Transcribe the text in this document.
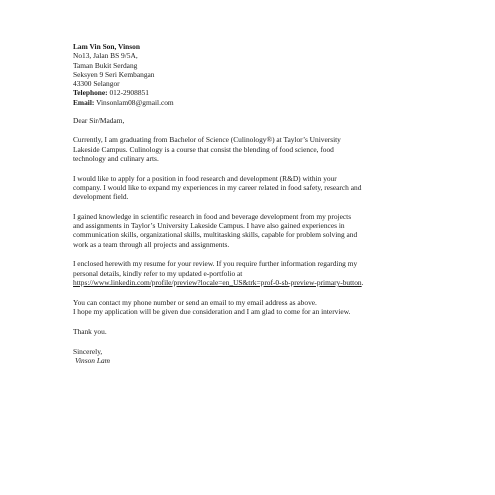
Lam Vin Son, Vinson
No13, Jalan BS 9/5A,
Taman Bukit Serdang
Seksyen 9 Seri Kembangan
43300 Selangor
Telephone: 012-2908851
Email: Vinsonlam08@gmail.com
Dear Sir/Madam,

Currently, I am graduating from Bachelor of Science (Culinology®) at Taylor’s University

Lakeside Campus. Culinology is a course that consist the blending of food science, food

technology and culinary arts.

I would like to apply for a position in food research and development (R&D) within your

company. I would like to expand my experiences in my career related in food safety, research and

development field.

I gained knowledge in scientific research in food and beverage development from my projects

and assignments in Taylor’s University Lakeside Campus. I have also gained experiences in

communication skills, organizational skills, multitasking skills, capable for problem solving and

work as a team through all projects and assignments.

I enclosed herewith my resume for your review. If you require further information regarding my

personal details, kindly refer to my updated e-portfolio at

https://www.linkedin.com/profile/preview?locale=en_US&trk=prof-0-sb-preview-primary-button.

You can contact my phone number or send an email to my email address as above.

I hope my application will be given due consideration and I am glad to come for an interview.

Thank you.

Sincerely,
Vinson Lam
